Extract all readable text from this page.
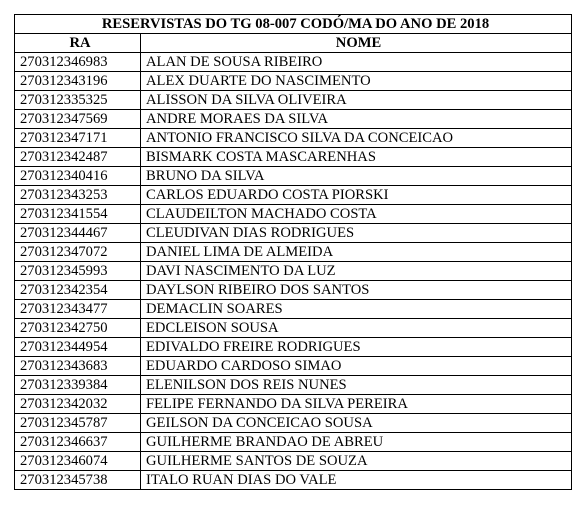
RESERVISTAS DO TG 08-007 CODÓ/MA DO ANO DE 2018	
RA	NOME
270312346983	ALAN DE SOUSA RIBEIRO
270312343196	ALEX DUARTE DO NASCIMENTO
270312335325	ALISSON DA SILVA OLIVEIRA
270312347569	ANDRE MORAES DA SILVA
270312347171	ANTONIO FRANCISCO SILVA DA CONCEICAO
270312342487	BISMARK COSTA MASCARENHAS
270312340416	BRUNO DA SILVA
270312343253	CARLOS EDUARDO COSTA PIORSKI
270312341554	CLAUDEILTON MACHADO COSTA
270312344467	CLEUDIVAN DIAS RODRIGUES
270312347072	DANIEL LIMA DE ALMEIDA
270312345993	DAVI NASCIMENTO DA LUZ
270312342354	DAYLSON RIBEIRO DOS SANTOS
270312343477	DEMACLIN SOARES
270312342750	EDCLEISON SOUSA
270312344954	EDIVALDO FREIRE RODRIGUES
270312343683	EDUARDO CARDOSO SIMAO
270312339384	ELENILSON DOS REIS NUNES
270312342032	FELIPE FERNANDO DA SILVA PEREIRA
270312345787	GEILSON DA CONCEICAO SOUSA
270312346637	GUILHERME BRANDAO DE ABREU
270312346074	GUILHERME SANTOS DE SOUZA
270312345738	ITALO RUAN DIAS DO VALE
